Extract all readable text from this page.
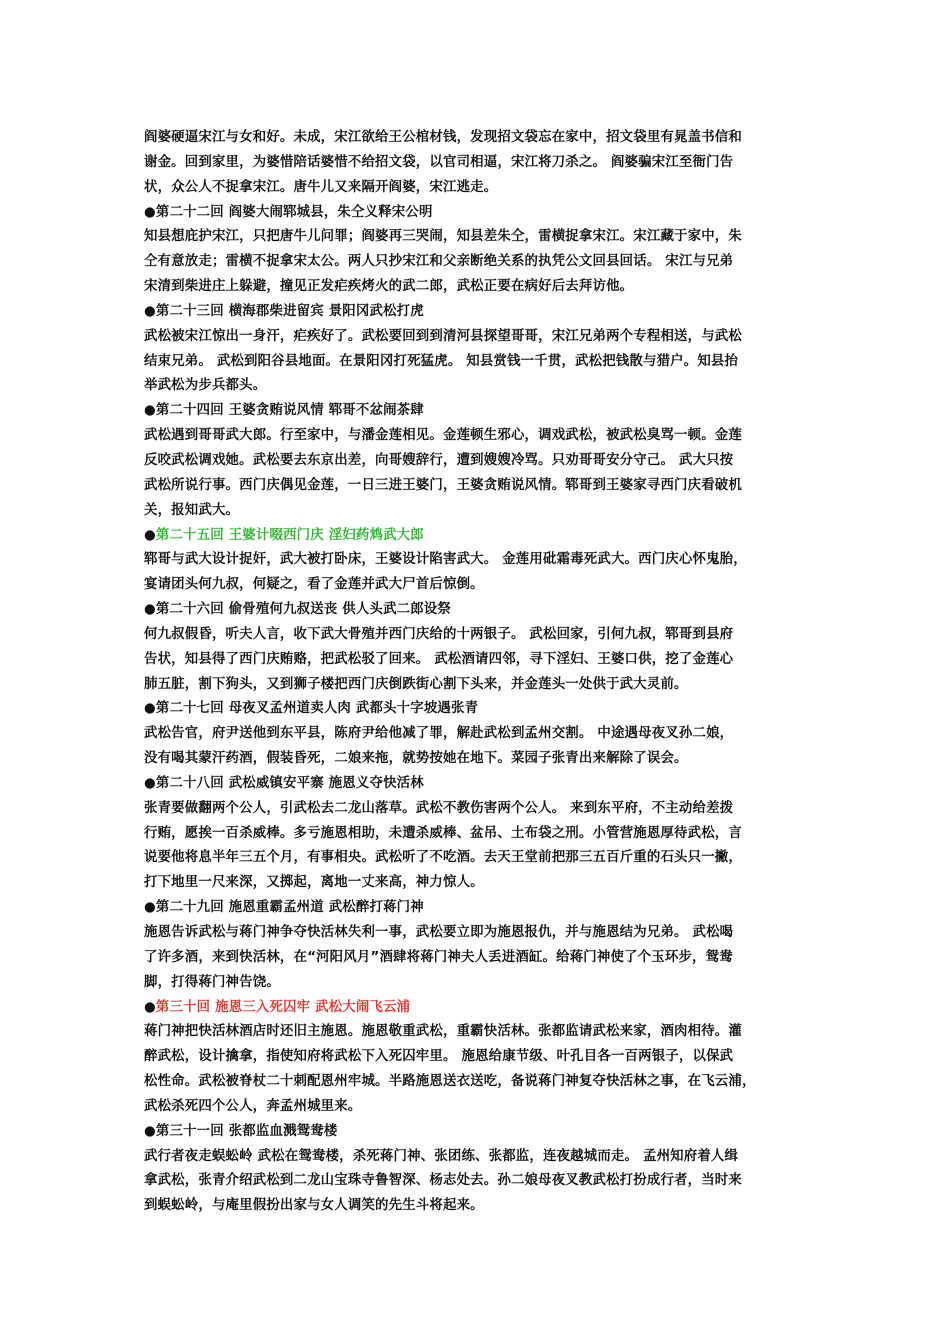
阎婆硬逼宋江与女和好。未成，宋江欲给王公棺材钱，发现招文袋忘在家中，招文袋里有晁盖书信和
谢金。回到家里，为婆惜陪话婆惜不给招文袋，以官司相逼，宋江将刀杀之。 阎婆骗宋江至衙门告
状，众公人不捉拿宋江。唐牛儿又来隔开阎婆，宋江逃走。
●第二十二回 阎婆大闹郓城县，朱仝义释宋公明
知县想庇护宋江，只把唐牛儿问罪；阎婆再三哭闹，知县差朱仝，雷横捉拿宋江。宋江藏于家中，朱
仝有意放走；雷横不捉拿宋太公。两人只抄宋江和父亲断绝关系的执凭公文回县回话。 宋江与兄弟
宋清到柴进庄上躲避，撞见正发疟疾烤火的武二郎，武松正要在病好后去拜访他。
●第二十三回 横海郡柴进留宾 景阳冈武松打虎
武松被宋江惊出一身汗，疟疾好了。武松要回到到清河县探望哥哥，宋江兄弟两个专程相送，与武松
结束兄弟。 武松到阳谷县地面。在景阳冈打死猛虎。 知县赏钱一千贯，武松把钱散与猎户。知县抬
举武松为步兵都头。
●第二十四回 王婆贪贿说风情 郓哥不忿闹茶肆
武松遇到哥哥武大郎。行至家中，与潘金莲相见。金莲顿生邪心，调戏武松，被武松臭骂一顿。金莲
反咬武松调戏她。武松要去东京出差，向哥嫂辞行，遭到嫂嫂冷骂。只劝哥哥安分守己。 武大只按
武松所说行事。西门庆偶见金莲，一日三进王婆门，王婆贪贿说风情。郓哥到王婆家寻西门庆看破机
关，报知武大。
●第二十五回 王婆计啜西门庆 淫妇药鸩武大郎
郓哥与武大设计捉奸，武大被打卧床，王婆设计陷害武大。 金莲用砒霜毒死武大。西门庆心怀鬼胎，
宴请团头何九叔，何疑之，看了金莲并武大尸首后惊倒。
●第二十六回 偷骨殖何九叔送丧 供人头武二郎设祭
何九叔假昏，听夫人言，收下武大骨殖并西门庆给的十两银子。 武松回家，引何九叔，郓哥到县府
告状，知县得了西门庆贿赂，把武松驳了回来。 武松酒请四邻，寻下淫妇、王婆口供，挖了金莲心
肺五脏，割下狗头，又到狮子楼把西门庆倒跌街心割下头来，并金莲头一处供于武大灵前。
●第二十七回 母夜叉孟州道卖人肉 武都头十字坡遇张青
武松告官，府尹送他到东平县，陈府尹给他减了罪，解赴武松到孟州交割。 中途遇母夜叉孙二娘，
没有喝其蒙汗药酒，假装昏死，二娘来拖，就势按她在地下。菜园子张青出来解除了误会。
●第二十八回 武松威镇安平寨 施恩义夺快活林
张青要做翻两个公人，引武松去二龙山落草。武松不教伤害两个公人。 来到东平府，不主动给差拨
行贿，愿挨一百杀威棒。多亏施恩相助，未遭杀威棒、盆吊、土布袋之刑。小管营施恩厚待武松，言
说要他将息半年三五个月，有事相央。武松听了不吃酒。去天王堂前把那三五百斤重的石头只一撇，
打下地里一尺来深，又掷起，离地一丈来高，神力惊人。
●第二十九回 施恩重霸孟州道 武松醉打蒋门神
施恩告诉武松与蒋门神争夺快活林失利一事，武松要立即为施恩报仇，并与施恩结为兄弟。 武松喝
了许多酒，来到快活林，在“河阳风月”酒肆将蒋门神夫人丢进酒缸。给蒋门神使了个玉环步，鸳鸯
脚，打得蒋门神告饶。
●第三十回 施恩三入死囚牢 武松大闹飞云浦
蒋门神把快活林酒店时还旧主施恩。施恩敬重武松，重霸快活林。张都监请武松来家，酒肉相待。灌
醉武松，设计擒拿，指使知府将武松下入死囚牢里。 施恩给康节级、叶孔目各一百两银子，以保武
松性命。武松被脊杖二十刺配恩州牢城。半路施恩送衣送吃，备说蒋门神复夺快活林之事，在飞云浦，
武松杀死四个公人，奔孟州城里来。
●第三十一回 张都监血溅鸳鸯楼
武行者夜走蜈蚣岭 武松在鸳鸯楼，杀死蒋门神、张团练、张都监，连夜越城而走。 孟州知府着人缉
拿武松，张青介绍武松到二龙山宝珠寺鲁智深、杨志处去。孙二娘母夜叉教武松打扮成行者，当时来
到蜈蚣岭，与庵里假扮出家与女人调笑的先生斗将起来。
